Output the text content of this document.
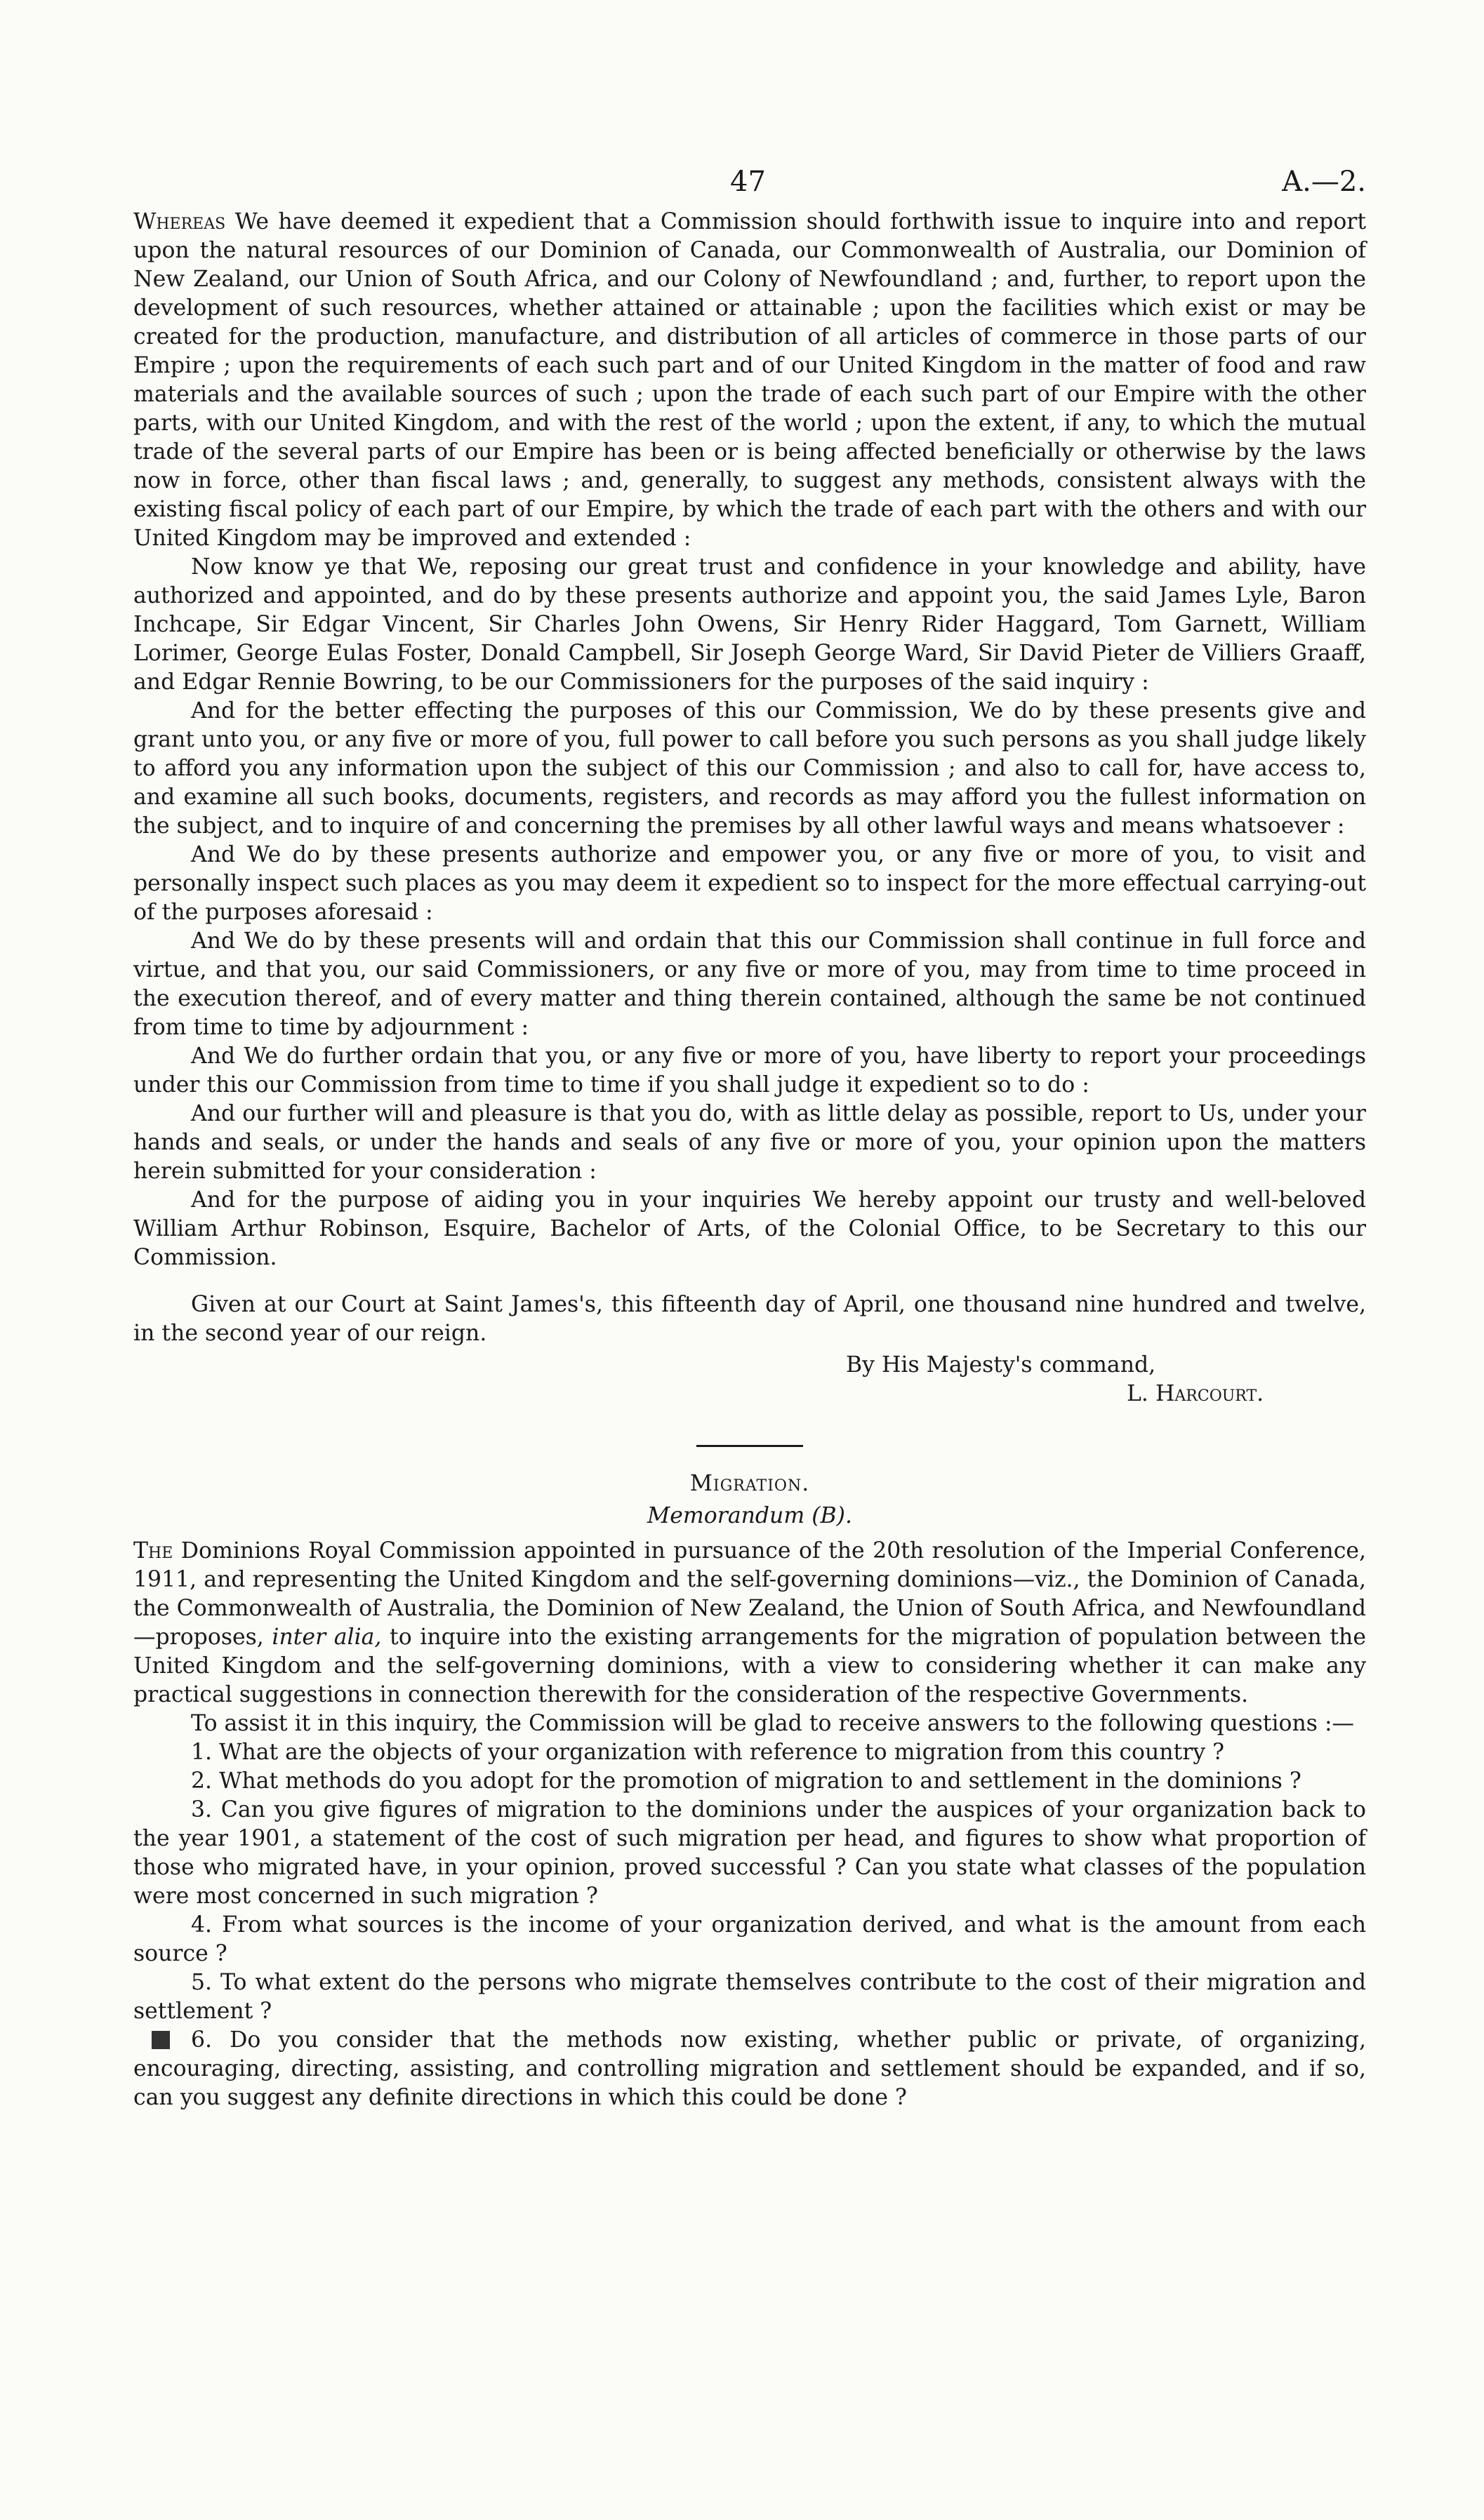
47	A.—2.

Whereas We have deemed it expedient that a Commission should forthwith issue to inquire into and report upon the natural resources of our Dominion of Canada, our Commonwealth of Australia, our Dominion of New Zealand, our Union of South Africa, and our Colony of Newfoundland ; and, further, to report upon the development of such resources, whether attained or attainable ; upon the facilities which exist or may be created for the production, manufacture, and distribution of all articles of commerce in those parts of our Empire ; upon the requirements of each such part and of our United Kingdom in the matter of food and raw materials and the available sources of such ; upon the trade of each such part of our Empire with the other parts, with our United Kingdom, and with the rest of the world ; upon the extent, if any, to which the mutual trade of the several parts of our Empire has been or is being affected beneficially or otherwise by the laws now in force, other than fiscal laws ; and, generally, to suggest any methods, consistent always with the existing fiscal policy of each part of our Empire, by which the trade of each part with the others and with our United Kingdom may be improved and extended :

Now know ye that We, reposing our great trust and confidence in your knowledge and ability, have authorized and appointed, and do by these presents authorize and appoint you, the said James Lyle, Baron Inchcape, Sir Edgar Vincent, Sir Charles John Owens, Sir Henry Rider Haggard, Tom Garnett, William Lorimer, George Eulas Foster, Donald Campbell, Sir Joseph George Ward, Sir David Pieter de Villiers Graaff, and Edgar Rennie Bowring, to be our Commissioners for the purposes of the said inquiry :

And for the better effecting the purposes of this our Commission, We do by these presents give and grant unto you, or any five or more of you, full power to call before you such persons as you shall judge likely to afford you any information upon the subject of this our Commission ; and also to call for, have access to, and examine all such books, documents, registers, and records as may afford you the fullest information on the subject, and to inquire of and concerning the premises by all other lawful ways and means whatsoever :

And We do by these presents authorize and empower you, or any five or more of you, to visit and personally inspect such places as you may deem it expedient so to inspect for the more effectual carrying-out of the purposes aforesaid :

And We do by these presents will and ordain that this our Commission shall continue in full force and virtue, and that you, our said Commissioners, or any five or more of you, may from time to time proceed in the execution thereof, and of every matter and thing therein contained, although the same be not continued from time to time by adjournment :

And We do further ordain that you, or any five or more of you, have liberty to report your proceedings under this our Commission from time to time if you shall judge it expedient so to do :

And our further will and pleasure is that you do, with as little delay as possible, report to Us, under your hands and seals, or under the hands and seals of any five or more of you, your opinion upon the matters herein submitted for your consideration :

And for the purpose of aiding you in your inquiries We hereby appoint our trusty and well-beloved William Arthur Robinson, Esquire, Bachelor of Arts, of the Colonial Office, to be Secretary to this our Commission.

Given at our Court at Saint James's, this fifteenth day of April, one thousand nine hundred and twelve, in the second year of our reign.

By His Majesty's command,
L. Harcourt.
Migration.
Memorandum (B).

The Dominions Royal Commission appointed in pursuance of the 20th resolution of the Imperial Conference, 1911, and representing the United Kingdom and the self-governing dominions—viz., the Dominion of Canada, the Commonwealth of Australia, the Dominion of New Zealand, the Union of South Africa, and Newfoundland—proposes, inter alia, to inquire into the existing arrangements for the migration of population between the United Kingdom and the self-governing dominions, with a view to considering whether it can make any practical suggestions in connection therewith for the consideration of the respective Governments.

To assist it in this inquiry, the Commission will be glad to receive answers to the following questions :—

1. What are the objects of your organization with reference to migration from this country ?
2. What methods do you adopt for the promotion of migration to and settlement in the dominions ?
3. Can you give figures of migration to the dominions under the auspices of your organization back to the year 1901, a statement of the cost of such migration per head, and figures to show what proportion of those who migrated have, in your opinion, proved successful ? Can you state what classes of the population were most concerned in such migration ?
4. From what sources is the income of your organization derived, and what is the amount from each source ?
5. To what extent do the persons who migrate themselves contribute to the cost of their migration and settlement ?
6. Do you consider that the methods now existing, whether public or private, of organizing, encouraging, directing, assisting, and controlling migration and settlement should be expanded, and if so, can you suggest any definite directions in which this could be done ?
